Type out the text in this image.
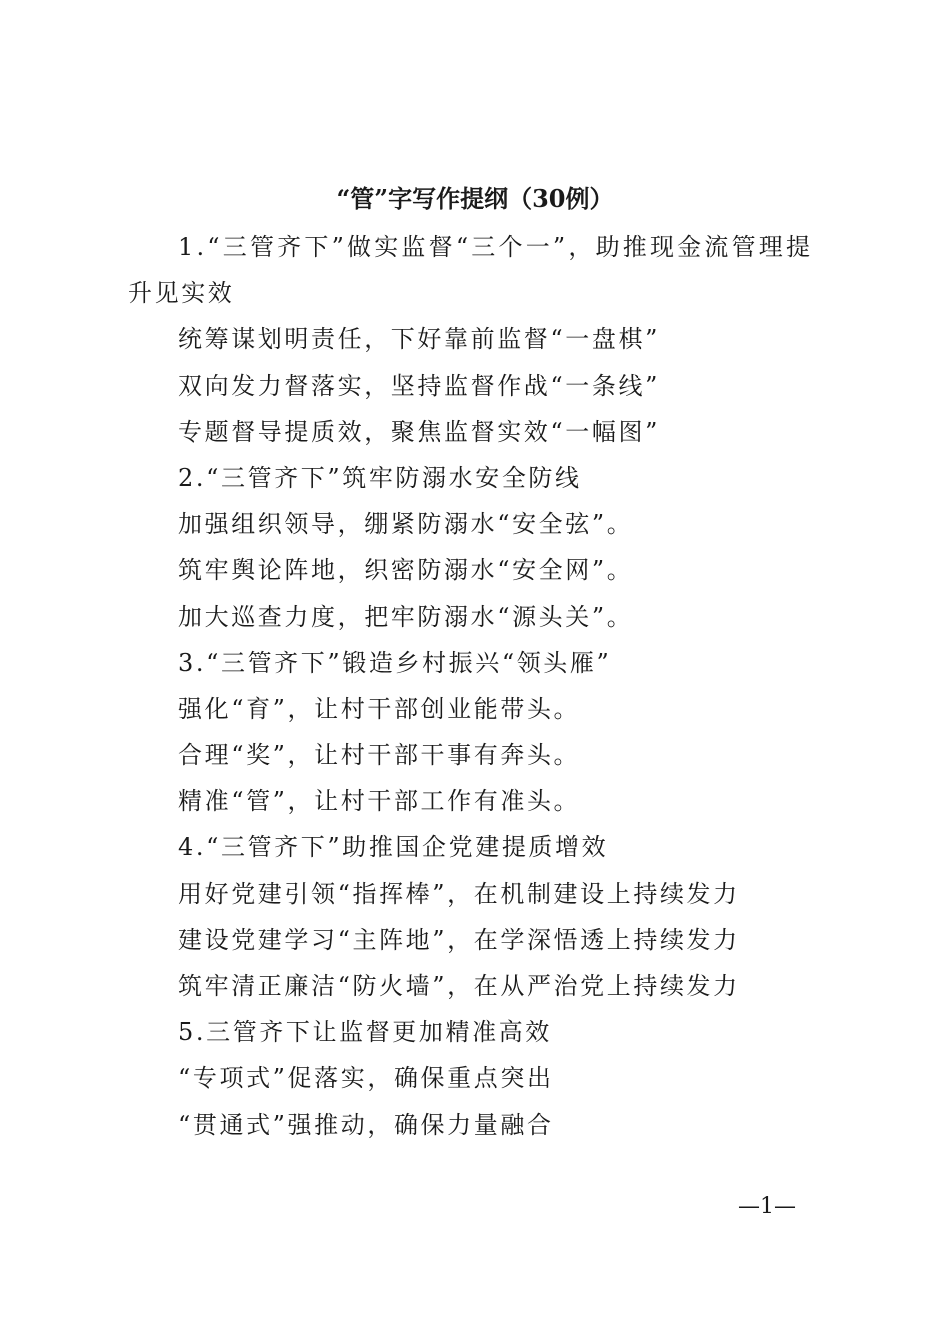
“管”字写作提纲（30例）
1.“三管齐下”做实监督“三个一”，助推现金流管理提
升见实效
统筹谋划明责任，下好靠前监督“一盘棋”
双向发力督落实，坚持监督作战“一条线”
专题督导提质效，聚焦监督实效“一幅图”
2.“三管齐下”筑牢防溺水安全防线
加强组织领导，绷紧防溺水“安全弦”。
筑牢舆论阵地，织密防溺水“安全网”。
加大巡查力度，把牢防溺水“源头关”。
3.“三管齐下”锻造乡村振兴“领头雁”
强化“育”，让村干部创业能带头。
合理“奖”，让村干部干事有奔头。
精准“管”，让村干部工作有准头。
4.“三管齐下”助推国企党建提质增效
用好党建引领“指挥棒”，在机制建设上持续发力
建设党建学习“主阵地”，在学深悟透上持续发力
筑牢清正廉洁“防火墙”，在从严治党上持续发力
5.三管齐下让监督更加精准高效
“专项式”促落实，确保重点突出
“贯通式”强推动，确保力量融合
—1—
